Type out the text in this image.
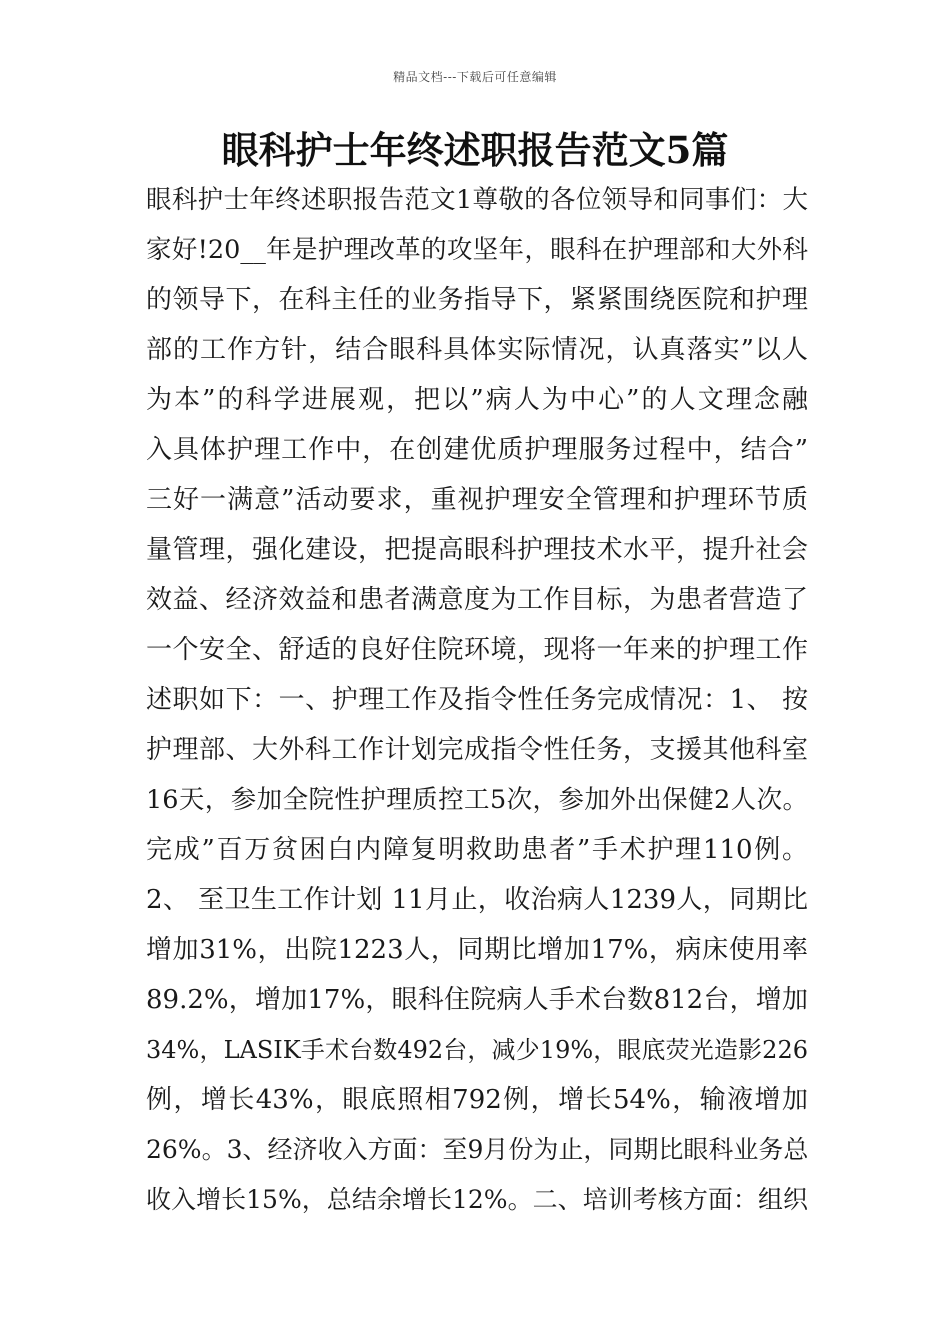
精品文档---下载后可任意编辑
眼科护士年终述职报告范文5篇
眼科护士年终述职报告范文1尊敬的各位领导和同事们：大
家好!20__年是护理改革的攻坚年，眼科在护理部和大外科
的领导下，在科主任的业务指导下，紧紧围绕医院和护理
部的工作方针，结合眼科具体实际情况，认真落实”以人
为本”的科学进展观，把以”病人为中心”的人文理念融
入具体护理工作中，在创建优质护理服务过程中，结合”
三好一满意”活动要求，重视护理安全管理和护理环节质
量管理，强化建设，把提高眼科护理技术水平，提升社会
效益、经济效益和患者满意度为工作目标，为患者营造了
一个安全、舒适的良好住院环境，现将一年来的护理工作
述职如下：一、护理工作及指令性任务完成情况：1、 按
护理部、大外科工作计划完成指令性任务，支援其他科室
16天，参加全院性护理质控工5次，参加外出保健2人次。
完成”百万贫困白内障复明救助患者”手术护理110例。
2、 至卫生工作计划 11月止，收治病人1239人，同期比
增加31%，出院1223人，同期比增加17%，病床使用率
89.2%，增加17%，眼科住院病人手术台数812台，增加
34%，LASIK手术台数492台，减少19%，眼底荧光造影226
例，增长43%，眼底照相792例，增长54%，输液增加
26%。3、经济收入方面：至9月份为止，同期比眼科业务总
收入增长15%，总结余增长12%。二、培训考核方面：组织
